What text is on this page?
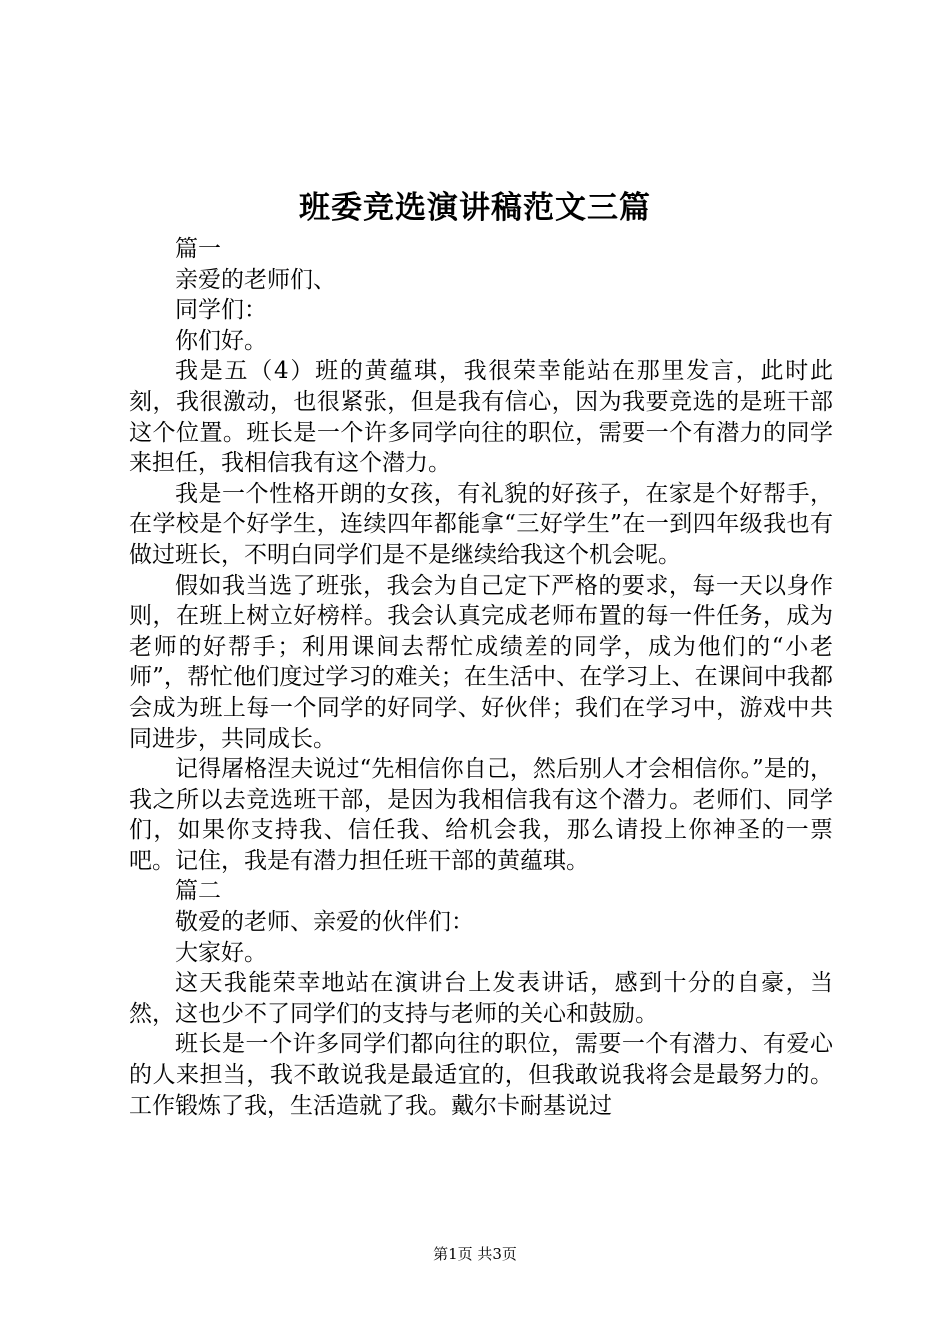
班委竞选演讲稿范文三篇

篇一

亲爱的老师们、

同学们：

你们好。

我是五（4）班的黄蕴琪，我很荣幸能站在那里发言，此时此刻，我很激动，也很紧张，但是我有信心，因为我要竞选的是班干部这个位置。班长是一个许多同学向往的职位，需要一个有潜力的同学来担任，我相信我有这个潜力。

我是一个性格开朗的女孩，有礼貌的好孩子，在家是个好帮手，在学校是个好学生，连续四年都能拿“三好学生”在一到四年级我也有做过班长，不明白同学们是不是继续给我这个机会呢。

假如我当选了班张，我会为自己定下严格的要求，每一天以身作则，在班上树立好榜样。我会认真完成老师布置的每一件任务，成为老师的好帮手；利用课间去帮忙成绩差的同学，成为他们的“小老师”，帮忙他们度过学习的难关；在生活中、在学习上、在课间中我都会成为班上每一个同学的好同学、好伙伴；我们在学习中，游戏中共同进步，共同成长。

记得屠格涅夫说过“先相信你自己，然后别人才会相信你。”是的，我之所以去竞选班干部，是因为我相信我有这个潜力。老师们、同学们，如果你支持我、信任我、给机会我，那么请投上你神圣的一票吧。记住，我是有潜力担任班干部的黄蕴琪。

篇二

敬爱的老师、亲爱的伙伴们：

大家好。

这天我能荣幸地站在演讲台上发表讲话，感到十分的自豪，当然，这也少不了同学们的支持与老师的关心和鼓励。

班长是一个许多同学们都向往的职位，需要一个有潜力、有爱心的人来担当，我不敢说我是最适宜的，但我敢说我将会是最努力的。工作锻炼了我，生活造就了我。戴尔卡耐基说过

第1页 共3页
